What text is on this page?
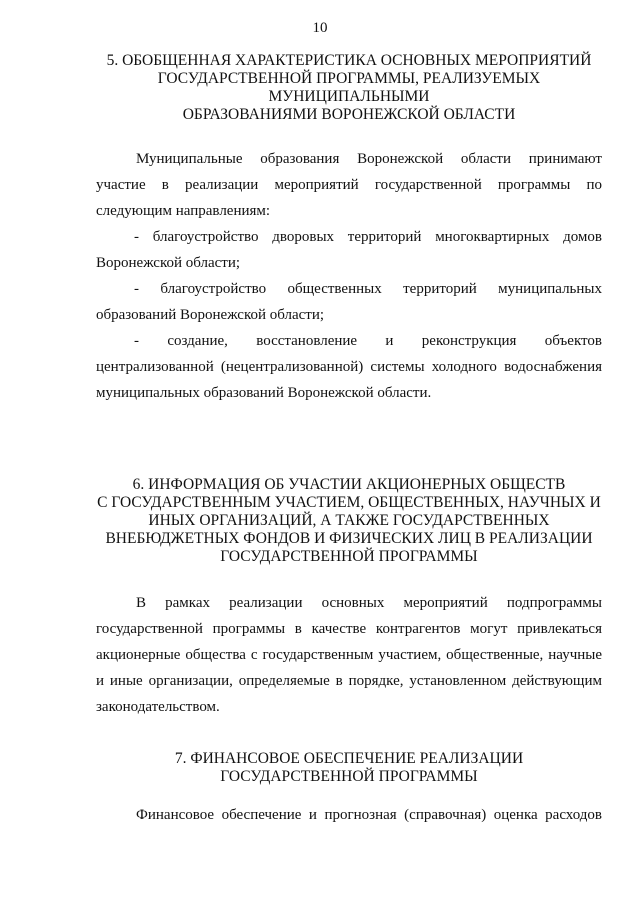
10
5. ОБОБЩЕННАЯ ХАРАКТЕРИСТИКА ОСНОВНЫХ МЕРОПРИЯТИЙ
ГОСУДАРСТВЕННОЙ ПРОГРАММЫ, РЕАЛИЗУЕМЫХ
МУНИЦИПАЛЬНЫМИ
ОБРАЗОВАНИЯМИ ВОРОНЕЖСКОЙ ОБЛАСТИ
Муниципальные образования Воронежской области принимают
участие в реализации мероприятий государственной программы по
следующим направлениям:
- благоустройство дворовых территорий многоквартирных домов
Воронежской области;
- благоустройство общественных территорий муниципальных
образований Воронежской области;
- создание, восстановление и реконструкция объектов
централизованной (нецентрализованной) системы холодного водоснабжения
муниципальных образований Воронежской области.
6. ИНФОРМАЦИЯ ОБ УЧАСТИИ АКЦИОНЕРНЫХ ОБЩЕСТВ
С ГОСУДАРСТВЕННЫМ УЧАСТИЕМ, ОБЩЕСТВЕННЫХ, НАУЧНЫХ И
ИНЫХ ОРГАНИЗАЦИЙ, А ТАКЖЕ ГОСУДАРСТВЕННЫХ
ВНЕБЮДЖЕТНЫХ ФОНДОВ И ФИЗИЧЕСКИХ ЛИЦ В РЕАЛИЗАЦИИ
ГОСУДАРСТВЕННОЙ ПРОГРАММЫ
В рамках реализации основных мероприятий подпрограммы
государственной программы в качестве контрагентов могут привлекаться
акционерные общества с государственным участием, общественные, научные
и иные организации, определяемые в порядке, установленном действующим
законодательством.
7. ФИНАНСОВОЕ ОБЕСПЕЧЕНИЕ РЕАЛИЗАЦИИ
ГОСУДАРСТВЕННОЙ ПРОГРАММЫ
Финансовое обеспечение и прогнозная (справочная) оценка расходов
